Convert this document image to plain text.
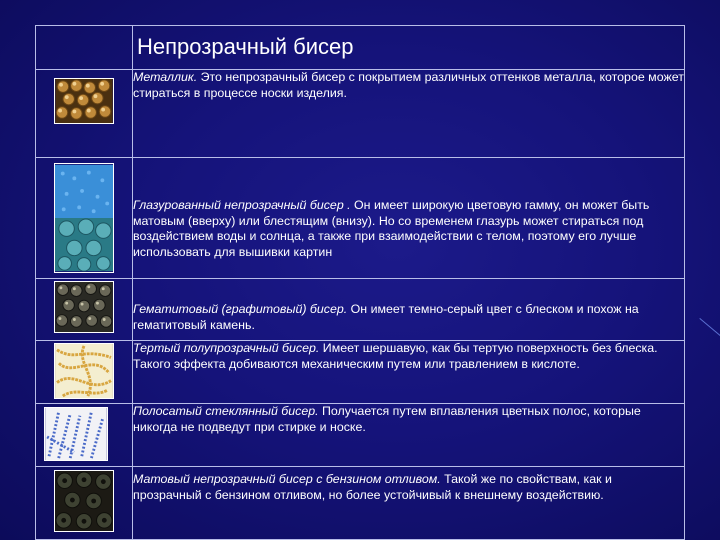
	Непрозрачный бисер

	Металлик. Это непрозрачный бисер с покрытием различных оттенков металла, которое может стираться в процессе носки изделия.

	Глазурованный непрозрачный бисер . Он имеет широкую цветовую гамму, он может быть матовым (вверху) или блестящим (внизу). Но со временем глазурь может стираться под воздействием воды и солнца, а также при взаимодействии с телом, поэтому его лучше использовать для вышивки картин

	Гематитовый (графитовый) бисер. Он имеет темно-серый цвет с блеском и похож на гематитовый камень.

	Тертый полупрозрачный бисер. Имеет шершавую, как бы тертую поверхность без блеска. Такого эффекта добиваются механическим путем или травлением в кислоте.

	Полосатый стеклянный бисер. Получается путем вплавления цветных полос, которые никогда не подведут при стирке и носке.

	Матовый непрозрачный бисер с бензином отливом. Такой же по свойствам, как и прозрачный с бензином отливом, но более устойчивый к внешнему воздействию.
